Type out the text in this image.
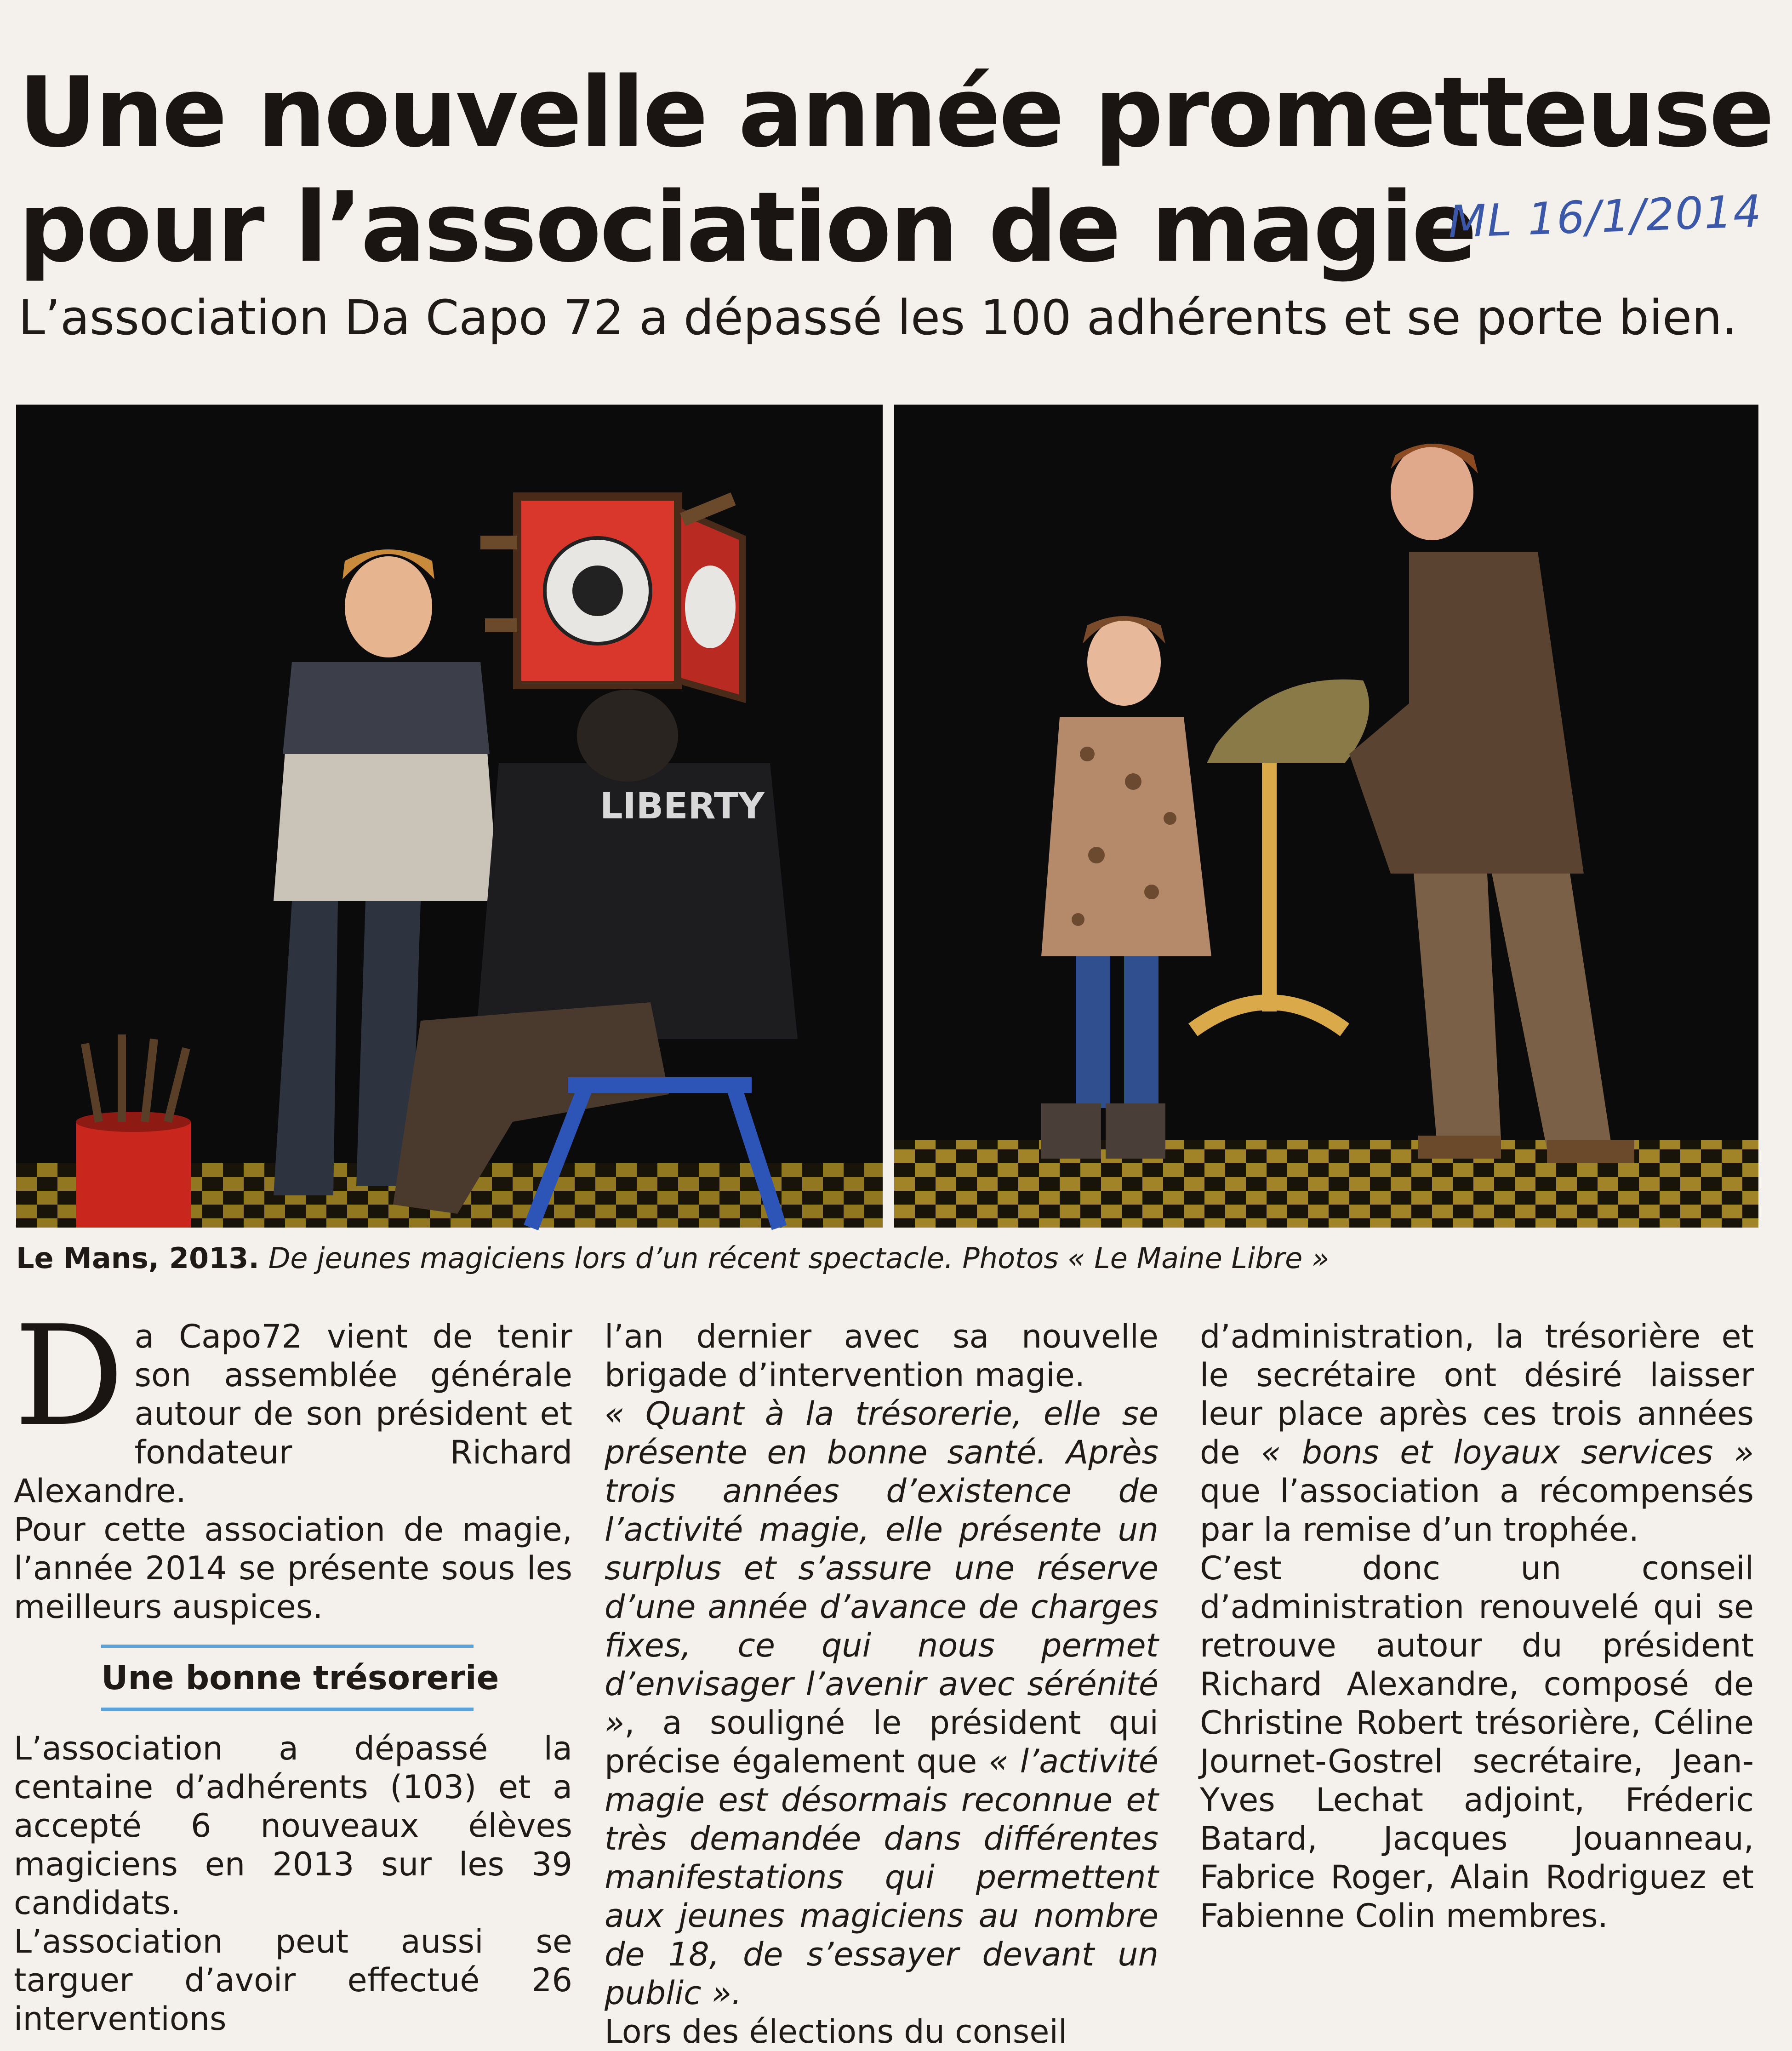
Une nouvelle année prometteuse
pour l’association de magie
ML 16/1/2014
L’association Da Capo 72 a dépassé les 100 adhérents et se porte bien.
LIBERTY
Le Mans, 2013. De jeunes magiciens lors d’un récent spectacle. Photos « Le Maine Libre »

Da Capo72 vient de tenir son assemblée générale autour de son président et fondateur Richard Alexandre.

Pour cette association de magie, l’année 2014 se présente sous les meilleurs auspices.

Une bonne trésorerie

L’association a dépassé la centaine d’adhérents (103) et a accepté 6 nouveaux élèves magiciens en 2013 sur les 39 candidats.

L’association peut aussi se targuer d’avoir effectué 26 interventions

l’an dernier avec sa nouvelle brigade d’intervention magie.

« Quant à la trésorerie, elle se présente en bonne santé. Après trois années d’existence de l’activité magie, elle présente un surplus et s’assure une réserve d’une année d’avance de charges fixes, ce qui nous permet d’envisager l’avenir avec sérénité », a souligné le président qui précise également que « l’activité magie est désormais reconnue et très demandée dans différentes manifestations qui permettent aux jeunes magiciens au nombre de 18, de s’essayer devant un public ».

Lors des élections du conseil

d’administration, la trésorière et le secrétaire ont désiré laisser leur place après ces trois années de « bons et loyaux services » que l’association a récompensés par la remise d’un trophée.

C’est donc un conseil d’administration renouvelé qui se retrouve autour du président Richard Alexandre, composé de Christine Robert trésorière, Céline Journet-Gostrel secrétaire, Jean-Yves Lechat adjoint, Fréderic Batard, Jacques Jouanneau, Fabrice Roger, Alain Rodriguez et Fabienne Colin membres.
